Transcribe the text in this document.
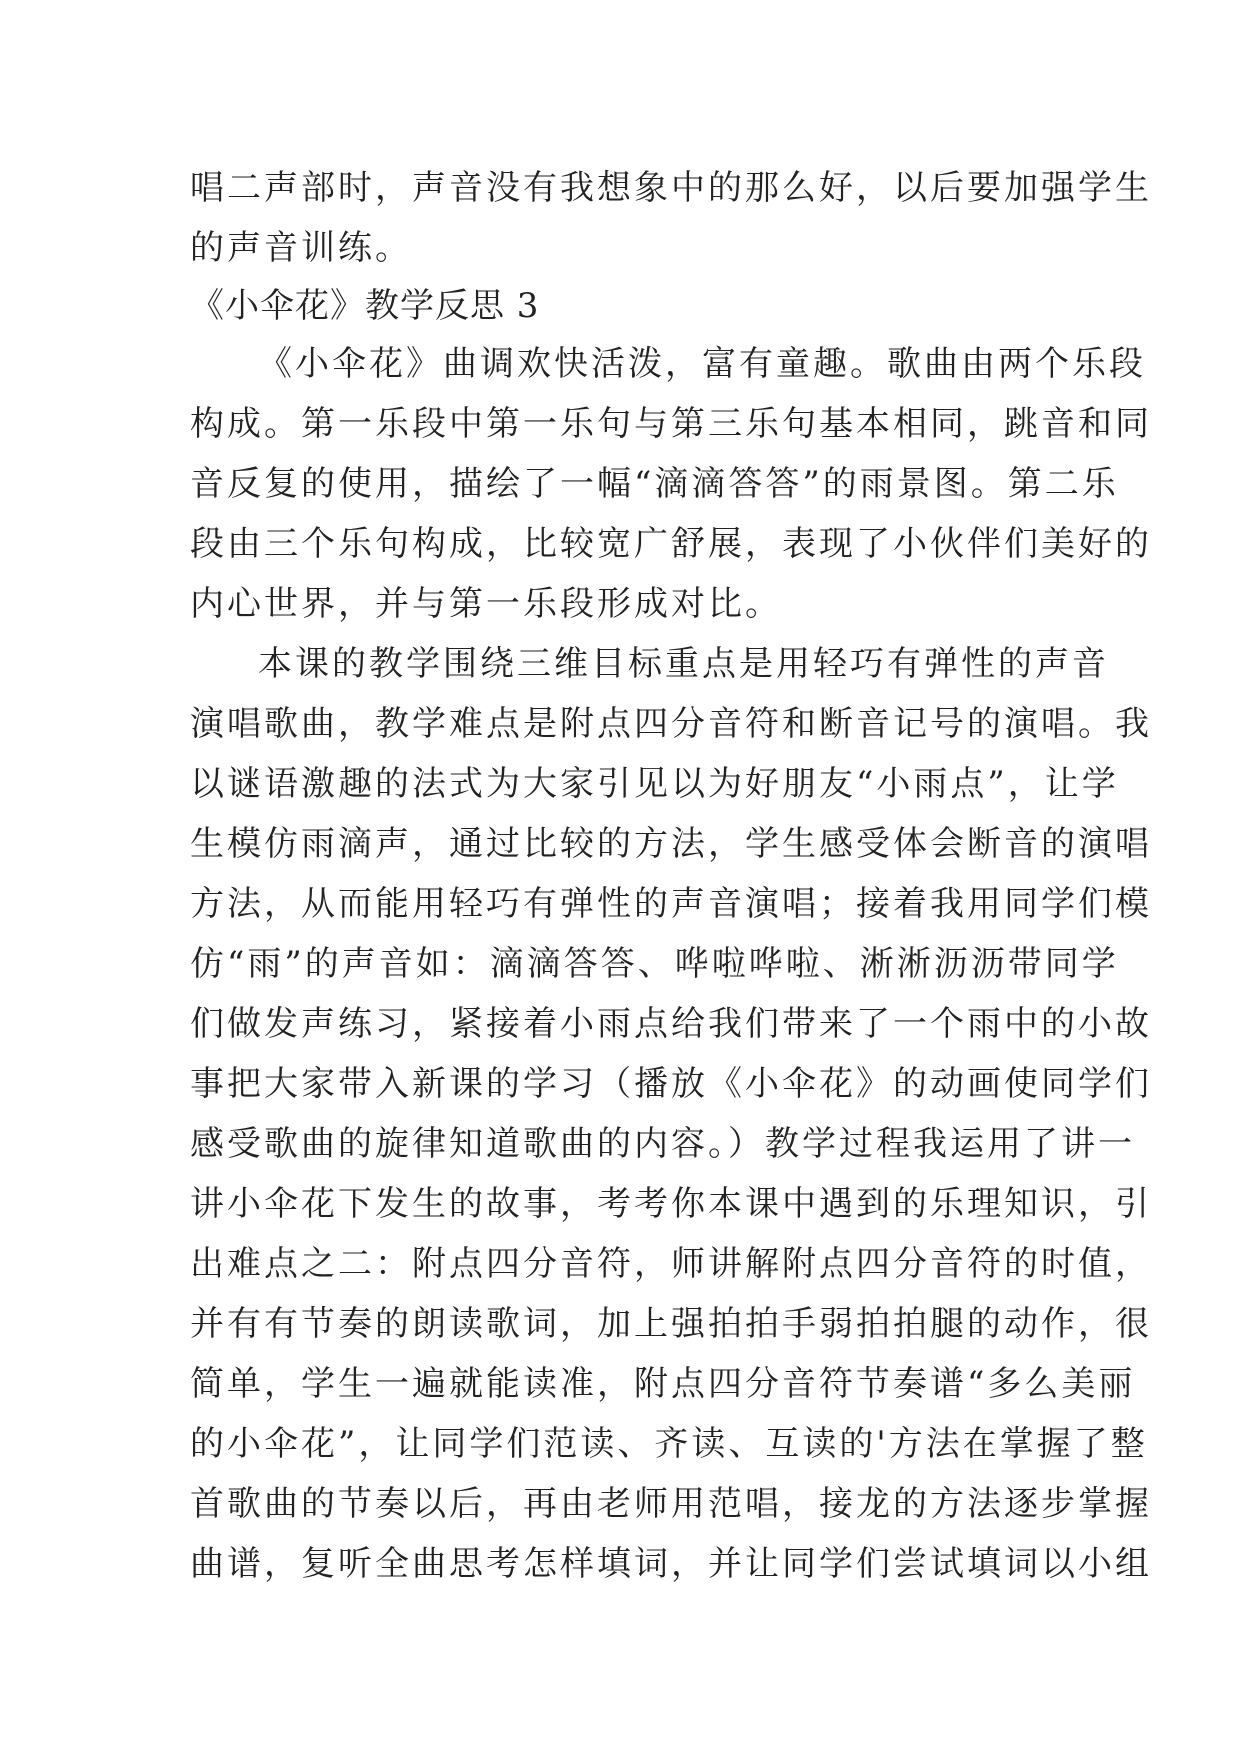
唱二声部时，声音没有我想象中的那么好，以后要加强学生
的声音训练。
《小伞花》教学反思 3
《小伞花》曲调欢快活泼，富有童趣。歌曲由两个乐段
构成。第一乐段中第一乐句与第三乐句基本相同，跳音和同
音反复的使用，描绘了一幅“滴滴答答”的雨景图。第二乐
段由三个乐句构成，比较宽广舒展，表现了小伙伴们美好的
内心世界，并与第一乐段形成对比。
本课的教学围绕三维目标重点是用轻巧有弹性的声音
演唱歌曲，教学难点是附点四分音符和断音记号的演唱。我
以谜语激趣的法式为大家引见以为好朋友“小雨点”，让学
生模仿雨滴声，通过比较的方法，学生感受体会断音的演唱
方法，从而能用轻巧有弹性的声音演唱；接着我用同学们模
仿“雨”的声音如：滴滴答答、哗啦哗啦、淅淅沥沥带同学
们做发声练习，紧接着小雨点给我们带来了一个雨中的小故
事把大家带入新课的学习（播放《小伞花》的动画使同学们
感受歌曲的旋律知道歌曲的内容。）教学过程我运用了讲一
讲小伞花下发生的故事，考考你本课中遇到的乐理知识，引
出难点之二：附点四分音符，师讲解附点四分音符的时值，
并有有节奏的朗读歌词，加上强拍拍手弱拍拍腿的动作，很
简单，学生一遍就能读准，附点四分音符节奏谱“多么美丽
的小伞花”，让同学们范读、齐读、互读的'方法在掌握了整
首歌曲的节奏以后，再由老师用范唱，接龙的方法逐步掌握
曲谱，复听全曲思考怎样填词，并让同学们尝试填词以小组
